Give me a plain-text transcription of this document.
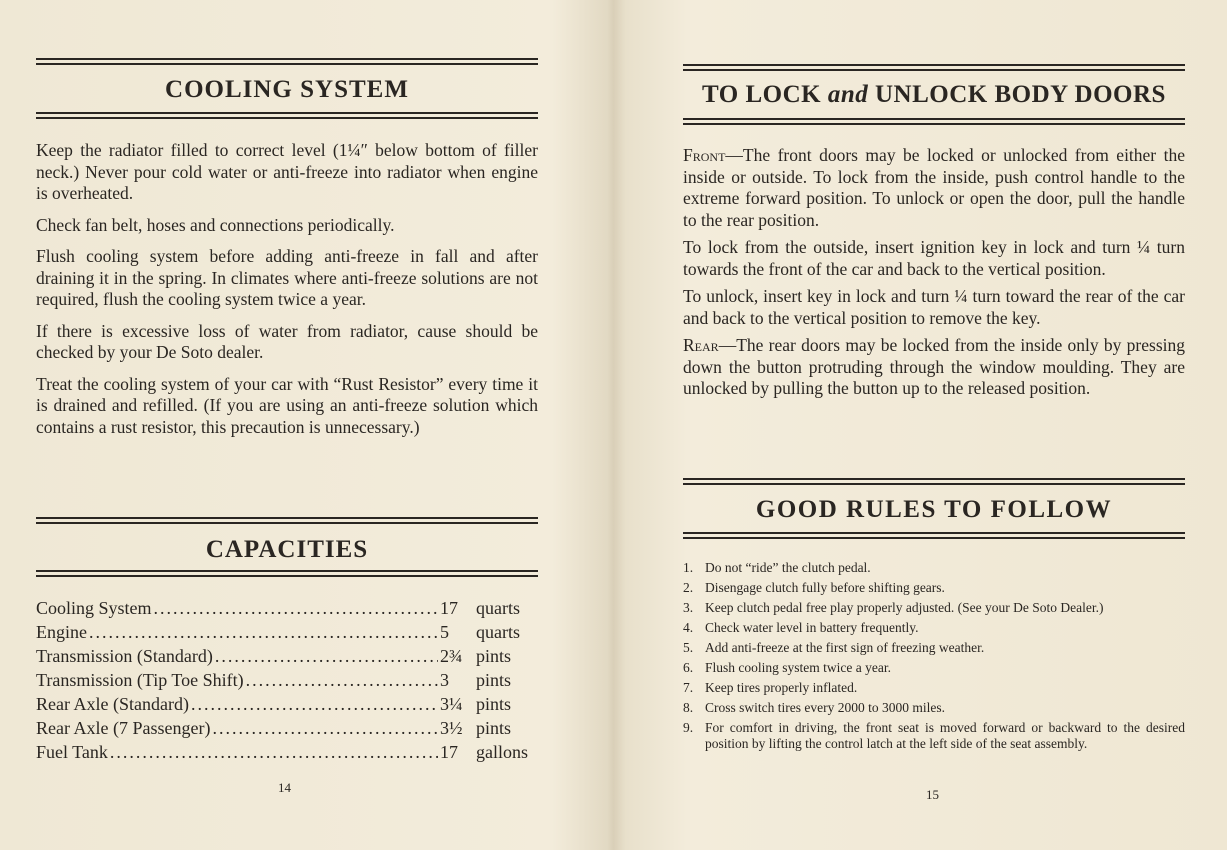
COOLING SYSTEM

Keep the radiator filled to correct level (1¼″ below bottom of filler neck.) Never pour cold water or anti-freeze into radiator when engine is overheated.

Check fan belt, hoses and connections periodically.

Flush cooling system before adding anti-freeze in fall and after draining it in the spring. In climates where anti-freeze solutions are not required, flush the cooling system twice a year.

If there is excessive loss of water from radiator, cause should be checked by your De Soto dealer.

Treat the cooling system of your car with “Rust Resistor” every time it is drained and refilled. (If you are using an anti-freeze solution which contains a rust resistor, this precaution is unnecessary.)

CAPACITIES
Cooling System .....	17	quarts
Engine .....	5	quarts
Transmission (Standard) .....	2¾ pints
Transmission (Tip Toe Shift) .....	3	pints
Rear Axle (Standard) .....	3¼ pints
Rear Axle (7 Passenger) .....	3½ pints
Fuel Tank .....	17	gallons
14
TO LOCK and UNLOCK BODY DOORS

Front—The front doors may be locked or unlocked from either the inside or outside. To lock from the inside, push control handle to the extreme forward position. To unlock or open the door, pull the handle to the rear position.

To lock from the outside, insert ignition key in lock and turn ¼ turn towards the front of the car and back to the vertical position.

To unlock, insert key in lock and turn ¼ turn toward the rear of the car and back to the vertical position to remove the key.

Rear—The rear doors may be locked from the inside only by pressing down the button protruding through the window moulding. They are unlocked by pulling the button up to the released position.

GOOD RULES TO FOLLOW
1. Do not “ride” the clutch pedal.
2. Disengage clutch fully before shifting gears.
3. Keep clutch pedal free play properly adjusted. (See your De Soto Dealer.)
4. Check water level in battery frequently.
5. Add anti-freeze at the first sign of freezing weather.
6. Flush cooling system twice a year.
7. Keep tires properly inflated.
8. Cross switch tires every 2000 to 3000 miles.
9. For comfort in driving, the front seat is moved forward or backward to the desired position by lifting the control latch at the left side of the seat assembly.
15
